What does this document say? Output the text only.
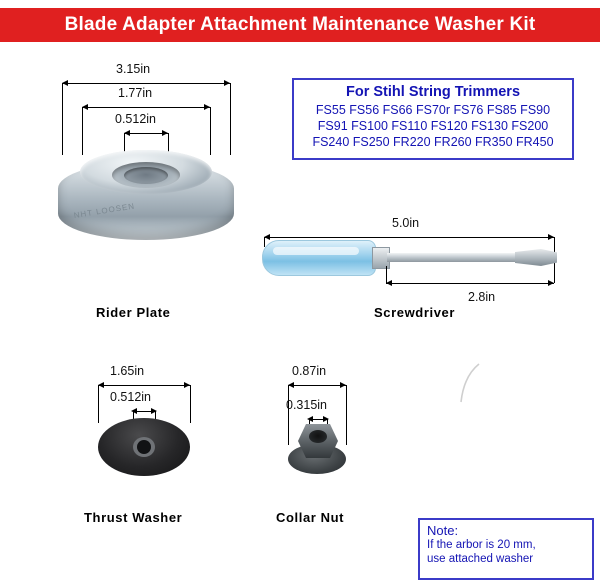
Blade Adapter Attachment Maintenance Washer Kit
For Stihl String Trimmers
FS55 FS56 FS66 FS70r FS76 FS85 FS90
FS91 FS100 FS110 FS120 FS130 FS200
FS240 FS250 FR220 FR260 FR350 FR450
3.15in
1.77in
0.512in
NHT LOOSEN
Rider Plate
5.0in
2.8in
Screwdriver
1.65in
0.512in
Thrust Washer
0.87in
0.315in
Collar Nut
Note:
If the arbor is 20 mm,
use attached washer
